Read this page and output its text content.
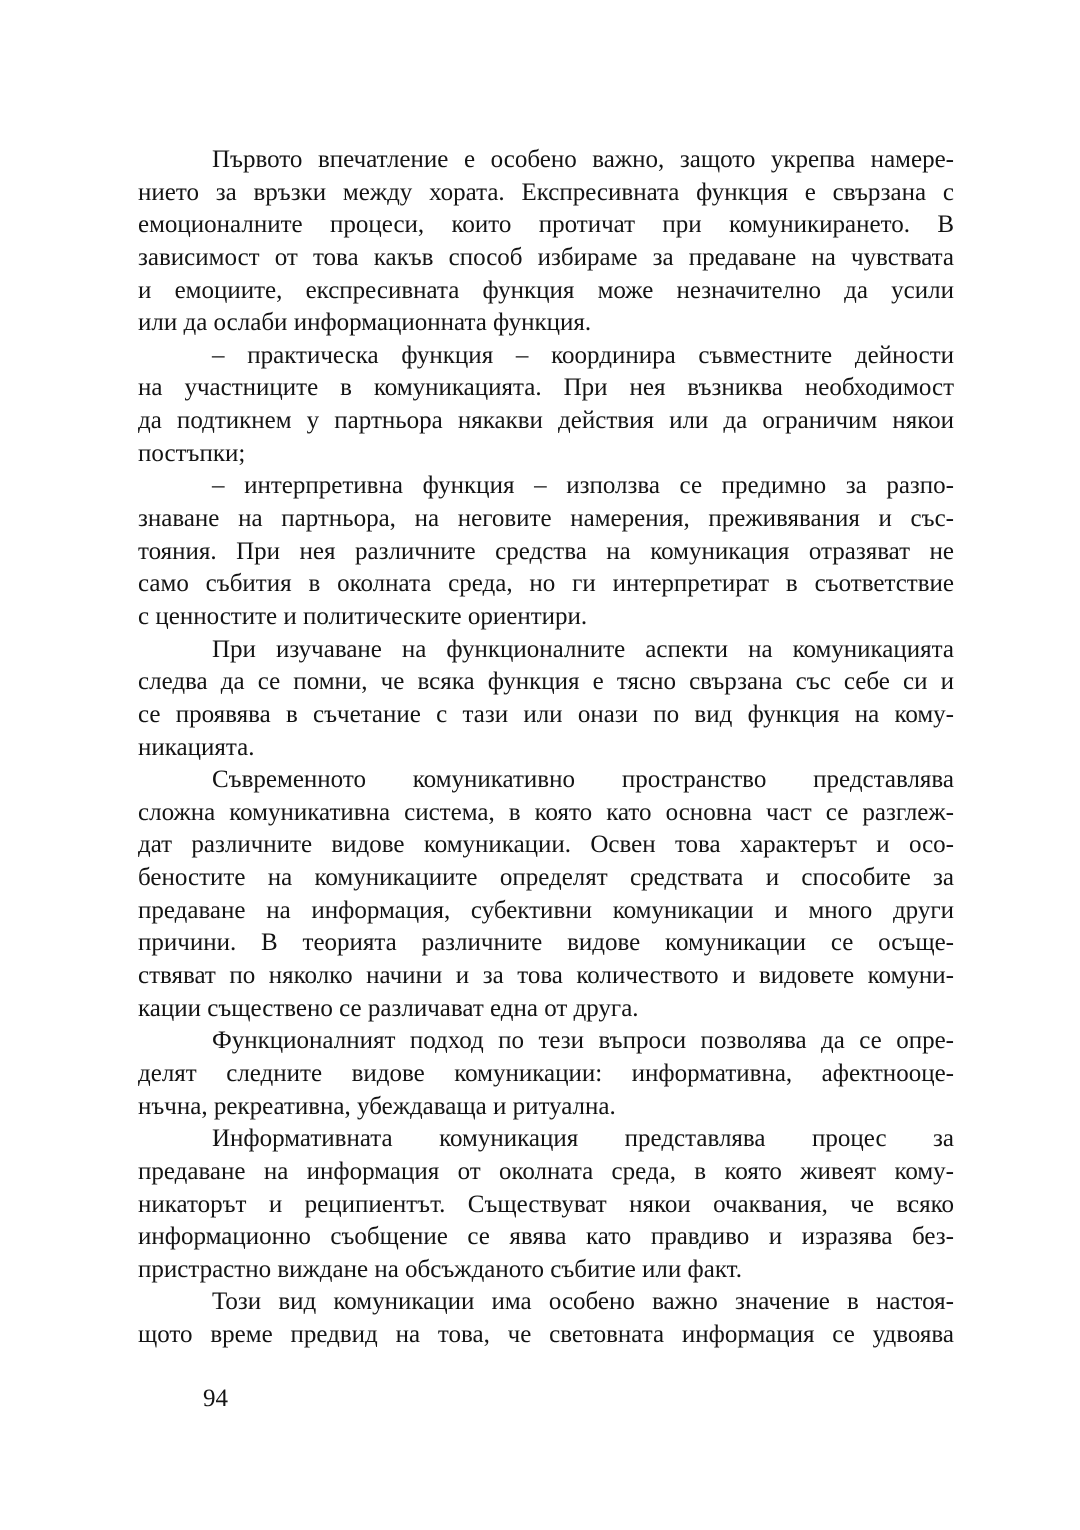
Първото впечатление е особено важно, защото укрепва намере-
нието за връзки между хората. Експресивната функция е свързана с
емоционалните процеси, които протичат при комуникирането. В
зависимост от това какъв способ избираме за предаване на чувствата
и емоциите, експресивната функция може незначително да усили
или да ослаби информационната функция.
– практическа функция – координира съвместните дейности
на участниците в комуникацията. При нея възниква необходимост
да подтикнем у партньора някакви действия или да ограничим някои
постъпки;
– интерпретивна функция – използва се предимно за разпо-
знаване на партньора, на неговите намерения, преживявания и със-
тояния. При нея различните средства на комуникация отразяват не
само събития в околната среда, но ги интерпретират в съответствие
с ценностите и политическите ориентири.
При изучаване на функционалните аспекти на комуникацията
следва да се помни, че всяка функция е тясно свързана със себе си и
се проявява в съчетание с тази или онази по вид функция на кому-
никацията.
Съвременното комуникативно пространство представлява
сложна комуникативна система, в която като основна част се разглеж-
дат различните видове комуникации. Освен това характерът и осо-
беностите на комуникациите определят средствата и способите за
предаване на информация, субективни комуникации и много други
причини. В теорията различните видове комуникации се осъще-
ствяват по няколко начини и за това количеството и видовете комуни-
кации съществено се различават една от друга.
Функционалният подход по тези въпроси позволява да се опре-
делят следните видове комуникации: информативна, афектнооце-
нъчна, рекреативна, убеждаваща и ритуална.
Информативната комуникация представлява процес за
предаване на информация от околната среда, в която живеят кому-
никаторът и реципиентът. Съществуват някои очаквания, че всяко
информационно съобщение се явява като правдиво и изразява без-
пристрастно виждане на обсъжданото събитие или факт.
Този вид комуникации има особено важно значение в настоя-
щото време предвид на това, че световната информация се удвоява
94
